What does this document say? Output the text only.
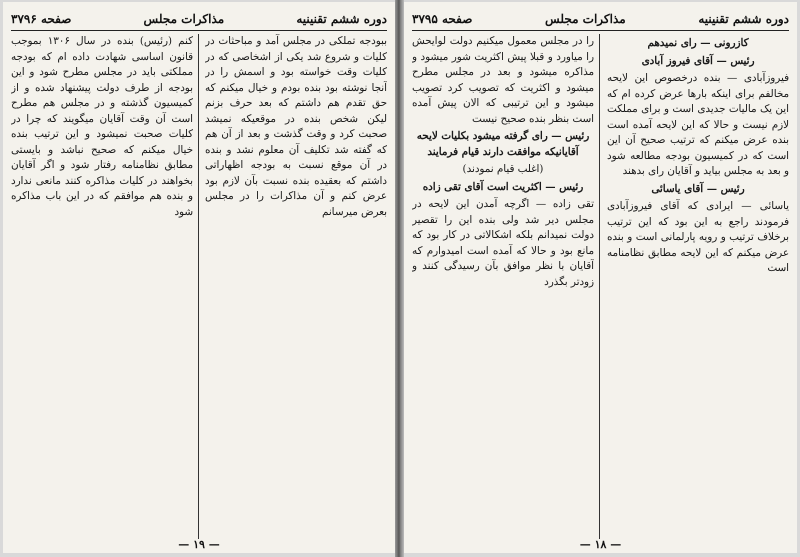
دوره ششم تقنینیه
مذاکرات مجلس
صفحه ۳۷۹۶

ببودجه تملکی در مجلس آمد و مباحثات در کلیات و شروع شد یکی از اشخاصی که در کلیات وقت خواسته بود و اسمش را در آنجا نوشته بود بنده بودم و خیال میکنم که حق تقدم هم داشتم که بعد حرف بزنم لیکن شخص بنده در موقعیکه نمیشد صحبت کرد و وقت گذشت و بعد از آن هم که گفته شد تکلیف آن معلوم نشد و بنده در آن موقع نسبت به بودجه اظهاراتی داشتم که بعقیده بنده نسبت بآن لازم بود عرض کنم و آن مذاکرات را در مجلس بعرض میرسانم

کنم (رئیس) بنده در سال ۱۳۰۶ بموجب قانون اساسی شهادت داده ام که بودجه مملکتی باید در مجلس مطرح شود و این بودجه از طرف دولت پیشنهاد شده و از کمیسیون گذشته و در مجلس هم مطرح است آن وقت آقایان میگویند که چرا در کلیات صحبت نمیشود و این ترتیب بنده خیال میکنم که صحیح نباشد و بایستی مطابق نظامنامه رفتار شود و اگر آقایان بخواهند در کلیات مذاکره کنند مانعی ندارد و بنده هم موافقم که در این باب مذاکره شود

— ۱۹ —
دوره ششم تقنینیه
مذاکرات مجلس
صفحه ۳۷۹۵
کازرونی — رای نمیدهم
رئیس — آقای فیروز آبادی

فیروزآبادی — بنده درخصوص این لایحه مخالفم برای اینکه بارها عرض کرده ام که این یک مالیات جدیدی است و برای مملکت لازم نیست و حالا که این لایحه آمده است بنده عرض میکنم که ترتیب صحیح آن این است که در کمیسیون بودجه مطالعه شود و بعد به مجلس بیاید و آقایان رای بدهند

رئیس — آقای یاسائی

یاسائی — ایرادی که آقای فیروزآبادی فرمودند راجع به این بود که این ترتیب برخلاف ترتیب و رویه پارلمانی است و بنده عرض میکنم که این لایحه مطابق نظامنامه است

را در مجلس معمول میکنیم دولت لوایحش را میاورد و قبلا پیش اکثریت شور میشود و مذاکره میشود و بعد در مجلس مطرح میشود و اکثریت که تصویب کرد تصویب میشود و این ترتیبی که الان پیش آمده است بنظر بنده صحیح نیست

رئیس — رای گرفته میشود بکلیات لایحه آقایانیکه موافقت دارند قیام فرمایند
(اغلب قیام نمودند)
رئیس — اکثریت است آقای تقی زاده

تقی زاده — اگرچه آمدن این لایحه در مجلس دیر شد ولی بنده این را تقصیر دولت نمیدانم بلکه اشکالاتی در کار بود که مانع بود و حالا که آمده است امیدوارم که آقایان با نظر موافق بآن رسیدگی کنند و زودتر بگذرد

— ۱۸ —
